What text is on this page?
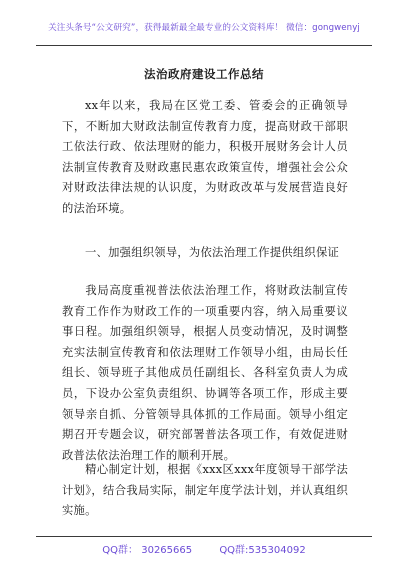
关注头条号“公文研究”，获得最新最全最专业的公文资料库！ 微信：gongwenyj
法治政府建设工作总结

xx年以来，我局在区党工委、管委会的正确领导下，不断加大财政法制宣传教育力度，提高财政干部职工依法行政、依法理财的能力，积极开展财务会计人员法制宣传教育及财政惠民惠农政策宣传，增强社会公众对财政法律法规的认识度，为财政改革与发展营造良好的法治环境。

一、加强组织领导，为依法治理工作提供组织保证

我局高度重视普法依法治理工作，将财政法制宣传教育工作作为财政工作的一项重要内容，纳入局重要议事日程。加强组织领导，根据人员变动情况，及时调整充实法制宣传教育和依法理财工作领导小组，由局长任组长、领导班子其他成员任副组长、各科室负责人为成员，下设办公室负责组织、协调等各项工作，形成主要领导亲自抓、分管领导具体抓的工作局面。领导小组定期召开专题会议，研究部署普法各项工作，有效促进财政普法依法治理工作的顺利开展。

精心制定计划，根据《xxx区xxx年度领导干部学法计划》，结合我局实际，制定年度学法计划，并认真组织实施。

QQ群： 30265665	QQ群:535304092
